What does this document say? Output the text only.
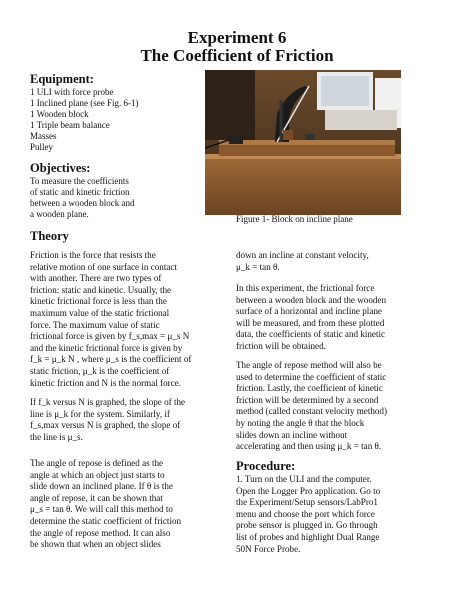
Experiment 6
The Coefficient of Friction
Equipment:
1 ULI with force probe
1 Inclined plane (see Fig. 6-1)
1 Wooden block
1 Triple beam balance
Masses
Pulley
Objectives:
To measure the coefficients
of static and kinetic friction
between a wooden block and
a wooden plane.	Figure 1- Block on incline plane
Theory
Friction is the force that resists the
relative motion of one surface in contact
with another. There are two types of
friction: static and kinetic. Usually, the
kinetic frictional force is less than the
maximum value of the static frictional
force. The maximum value of static
frictional force is given by f_s,max = μ_s N
and the kinetic frictional force is given by
f_k = μ_k N , where μ_s is the coefficient of
static friction, μ_k is the coefficient of
kinetic friction and N is the normal force.
If f_k versus N is graphed, the slope of the
line is μ_k for the system. Similarly, if
f_s,max versus N is graphed, the slope of
the line is μ_s.
The angle of repose is defined as the
angle at which an object just starts to
slide down an inclined plane. If θ is the
angle of repose, it can be shown that
μ_s = tan θ. We will call this method to
determine the static coefficient of friction
the angle of repose method. It can also
be shown that when an object slides
down an incline at constant velocity,
μ_k = tan θ.
In this experiment, the frictional force
between a wooden block and the wooden
surface of a horizontal and incline plane
will be measured, and from these plotted
data, the coefficients of static and kinetic
friction will be obtained.
The angle of repose method will also be
used to determine the coefficient of static
friction. Lastly, the coefficient of kinetic
friction will be determined by a second
method (called constant velocity method)
by noting the angle θ that the block
slides down an incline without
accelerating and then using μ_k = tan θ.
Procedure:
1. Turn on the ULI and the computer.
Open the Logger Pro application. Go to
the Experiment/Setup sensors/LabPro1
menu and choose the port which force
probe sensor is plugged in. Go through
list of probes and highlight Dual Range
50N Force Probe.
